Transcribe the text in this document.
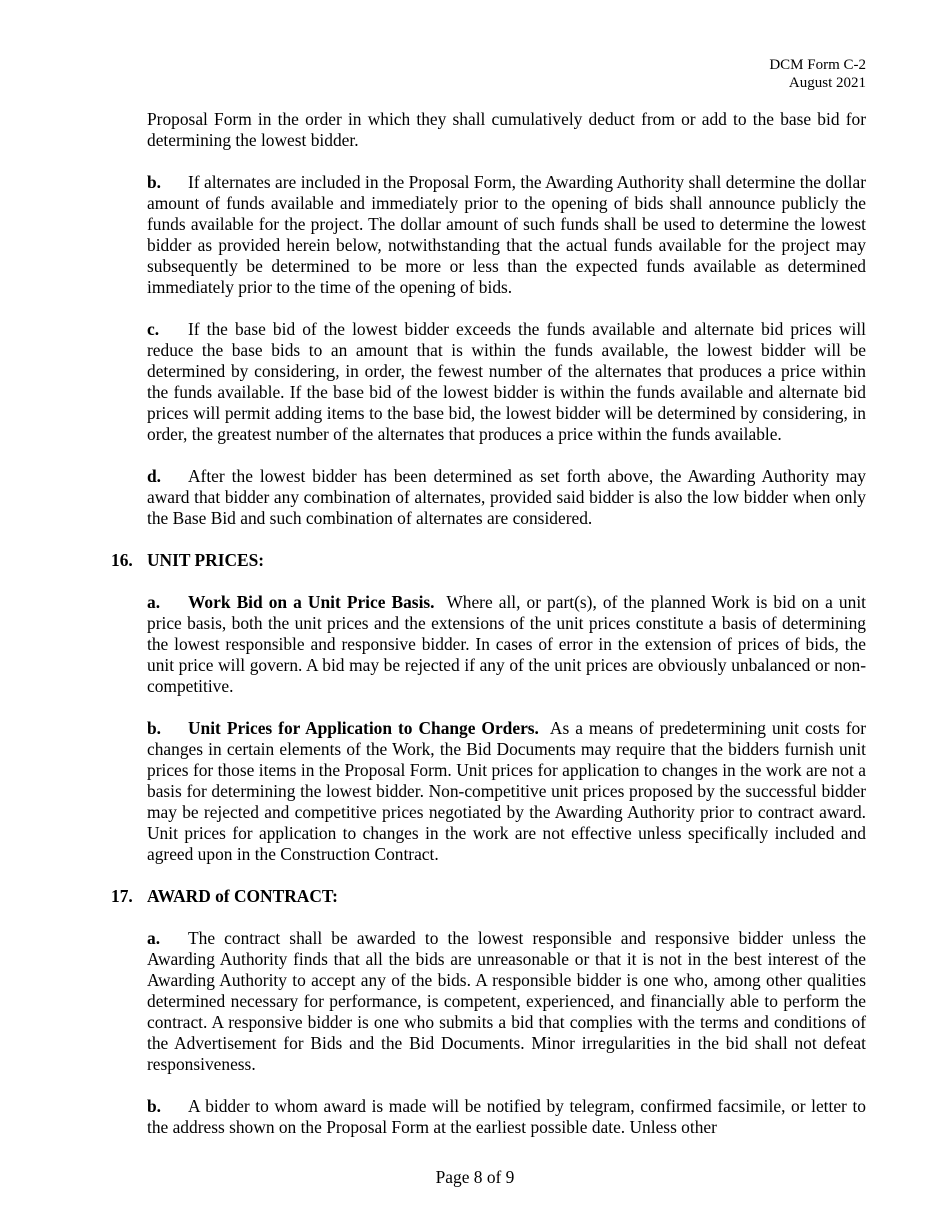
DCM Form C-2
August 2021

Proposal Form in the order in which they shall cumulatively deduct from or add to the base bid for determining the lowest bidder.

b. If alternates are included in the Proposal Form, the Awarding Authority shall determine the dollar amount of funds available and immediately prior to the opening of bids shall announce publicly the funds available for the project. The dollar amount of such funds shall be used to determine the lowest bidder as provided herein below, notwithstanding that the actual funds available for the project may subsequently be determined to be more or less than the expected funds available as determined immediately prior to the time of the opening of bids.

c. If the base bid of the lowest bidder exceeds the funds available and alternate bid prices will reduce the base bids to an amount that is within the funds available, the lowest bidder will be determined by considering, in order, the fewest number of the alternates that produces a price within the funds available. If the base bid of the lowest bidder is within the funds available and alternate bid prices will permit adding items to the base bid, the lowest bidder will be determined by considering, in order, the greatest number of the alternates that produces a price within the funds available.

d. After the lowest bidder has been determined as set forth above, the Awarding Authority may award that bidder any combination of alternates, provided said bidder is also the low bidder when only the Base Bid and such combination of alternates are considered.

16. UNIT PRICES:

a. Work Bid on a Unit Price Basis. Where all, or part(s), of the planned Work is bid on a unit price basis, both the unit prices and the extensions of the unit prices constitute a basis of determining the lowest responsible and responsive bidder. In cases of error in the extension of prices of bids, the unit price will govern. A bid may be rejected if any of the unit prices are obviously unbalanced or non-competitive.

b. Unit Prices for Application to Change Orders. As a means of predetermining unit costs for changes in certain elements of the Work, the Bid Documents may require that the bidders furnish unit prices for those items in the Proposal Form. Unit prices for application to changes in the work are not a basis for determining the lowest bidder. Non-competitive unit prices proposed by the successful bidder may be rejected and competitive prices negotiated by the Awarding Authority prior to contract award. Unit prices for application to changes in the work are not effective unless specifically included and agreed upon in the Construction Contract.

17. AWARD of CONTRACT:

a. The contract shall be awarded to the lowest responsible and responsive bidder unless the Awarding Authority finds that all the bids are unreasonable or that it is not in the best interest of the Awarding Authority to accept any of the bids. A responsible bidder is one who, among other qualities determined necessary for performance, is competent, experienced, and financially able to perform the contract. A responsive bidder is one who submits a bid that complies with the terms and conditions of the Advertisement for Bids and the Bid Documents. Minor irregularities in the bid shall not defeat responsiveness.

b. A bidder to whom award is made will be notified by telegram, confirmed facsimile, or letter to the address shown on the Proposal Form at the earliest possible date. Unless other

Page 8 of 9
